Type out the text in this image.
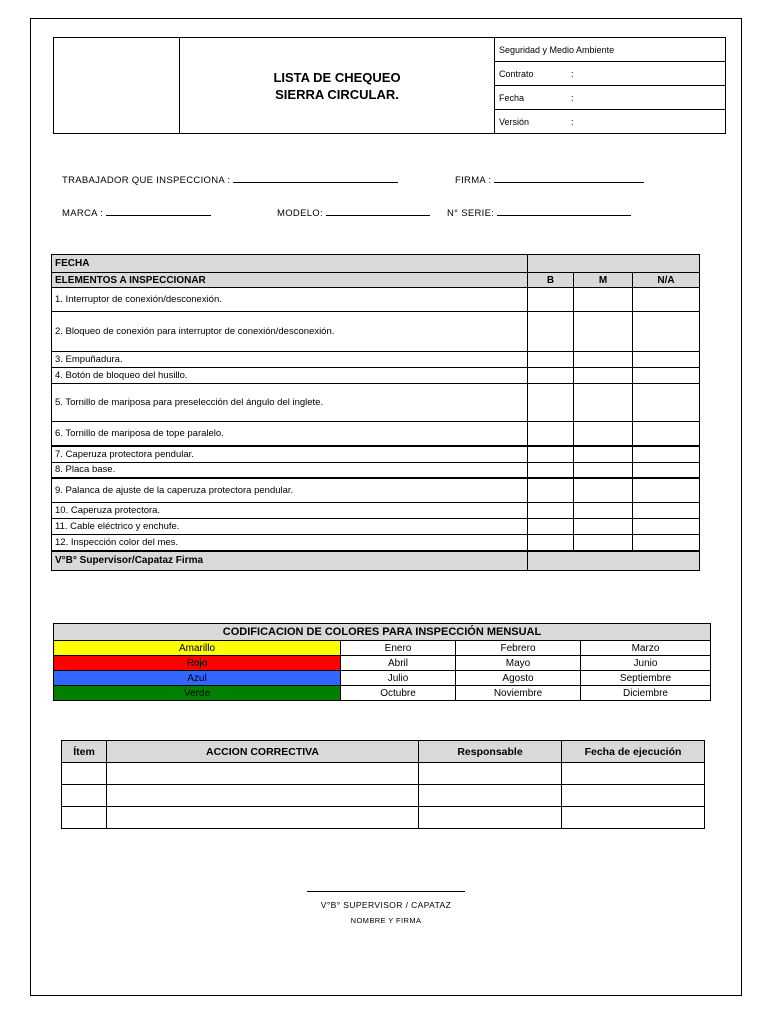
LISTA DE CHEQUEO
SIERRA CIRCULAR.
	Seguridad y Medio Ambiente
Contrato	:
Fecha	:
Versión	:
TRABAJADOR QUE INSPECCIONA :	FIRMA :
MARCA :	MODELO:	N° SERIE:
FECHA			
ELEMENTOS A INSPECCIONAR	B	M	N/A
1. Interruptor de conexión/desconexión.			
2. Bloqueo de conexión para interruptor de conexión/desconexión.			
3. Empuñadura.			
4. Botón de bloqueo del husillo.			
5. Tornillo de mariposa para preselección del ángulo del inglete.			
6. Tornillo de mariposa de tope paralelo.			
7. Caperuza protectora pendular.			
8. Placa base.			
9. Palanca de ajuste de la caperuza protectora pendular.			
10. Caperuza protectora.			
11. Cable eléctrico y enchufe.			
12. Inspección color del mes.			
V°B° Supervisor/Capataz Firma			
CODIFICACION DE COLORES PARA INSPECCIÓN MENSUAL			
Amarillo	Enero	Febrero	Marzo
Rojo	Abril	Mayo	Junio
Azul	Julio	Agosto	Septiembre
Verde	Octubre	Noviembre	Diciembre
Ítem	ACCION CORRECTIVA	Responsable	Fecha de ejecución

V°B° SUPERVISOR / CAPATAZ
NOMBRE Y FIRMA
